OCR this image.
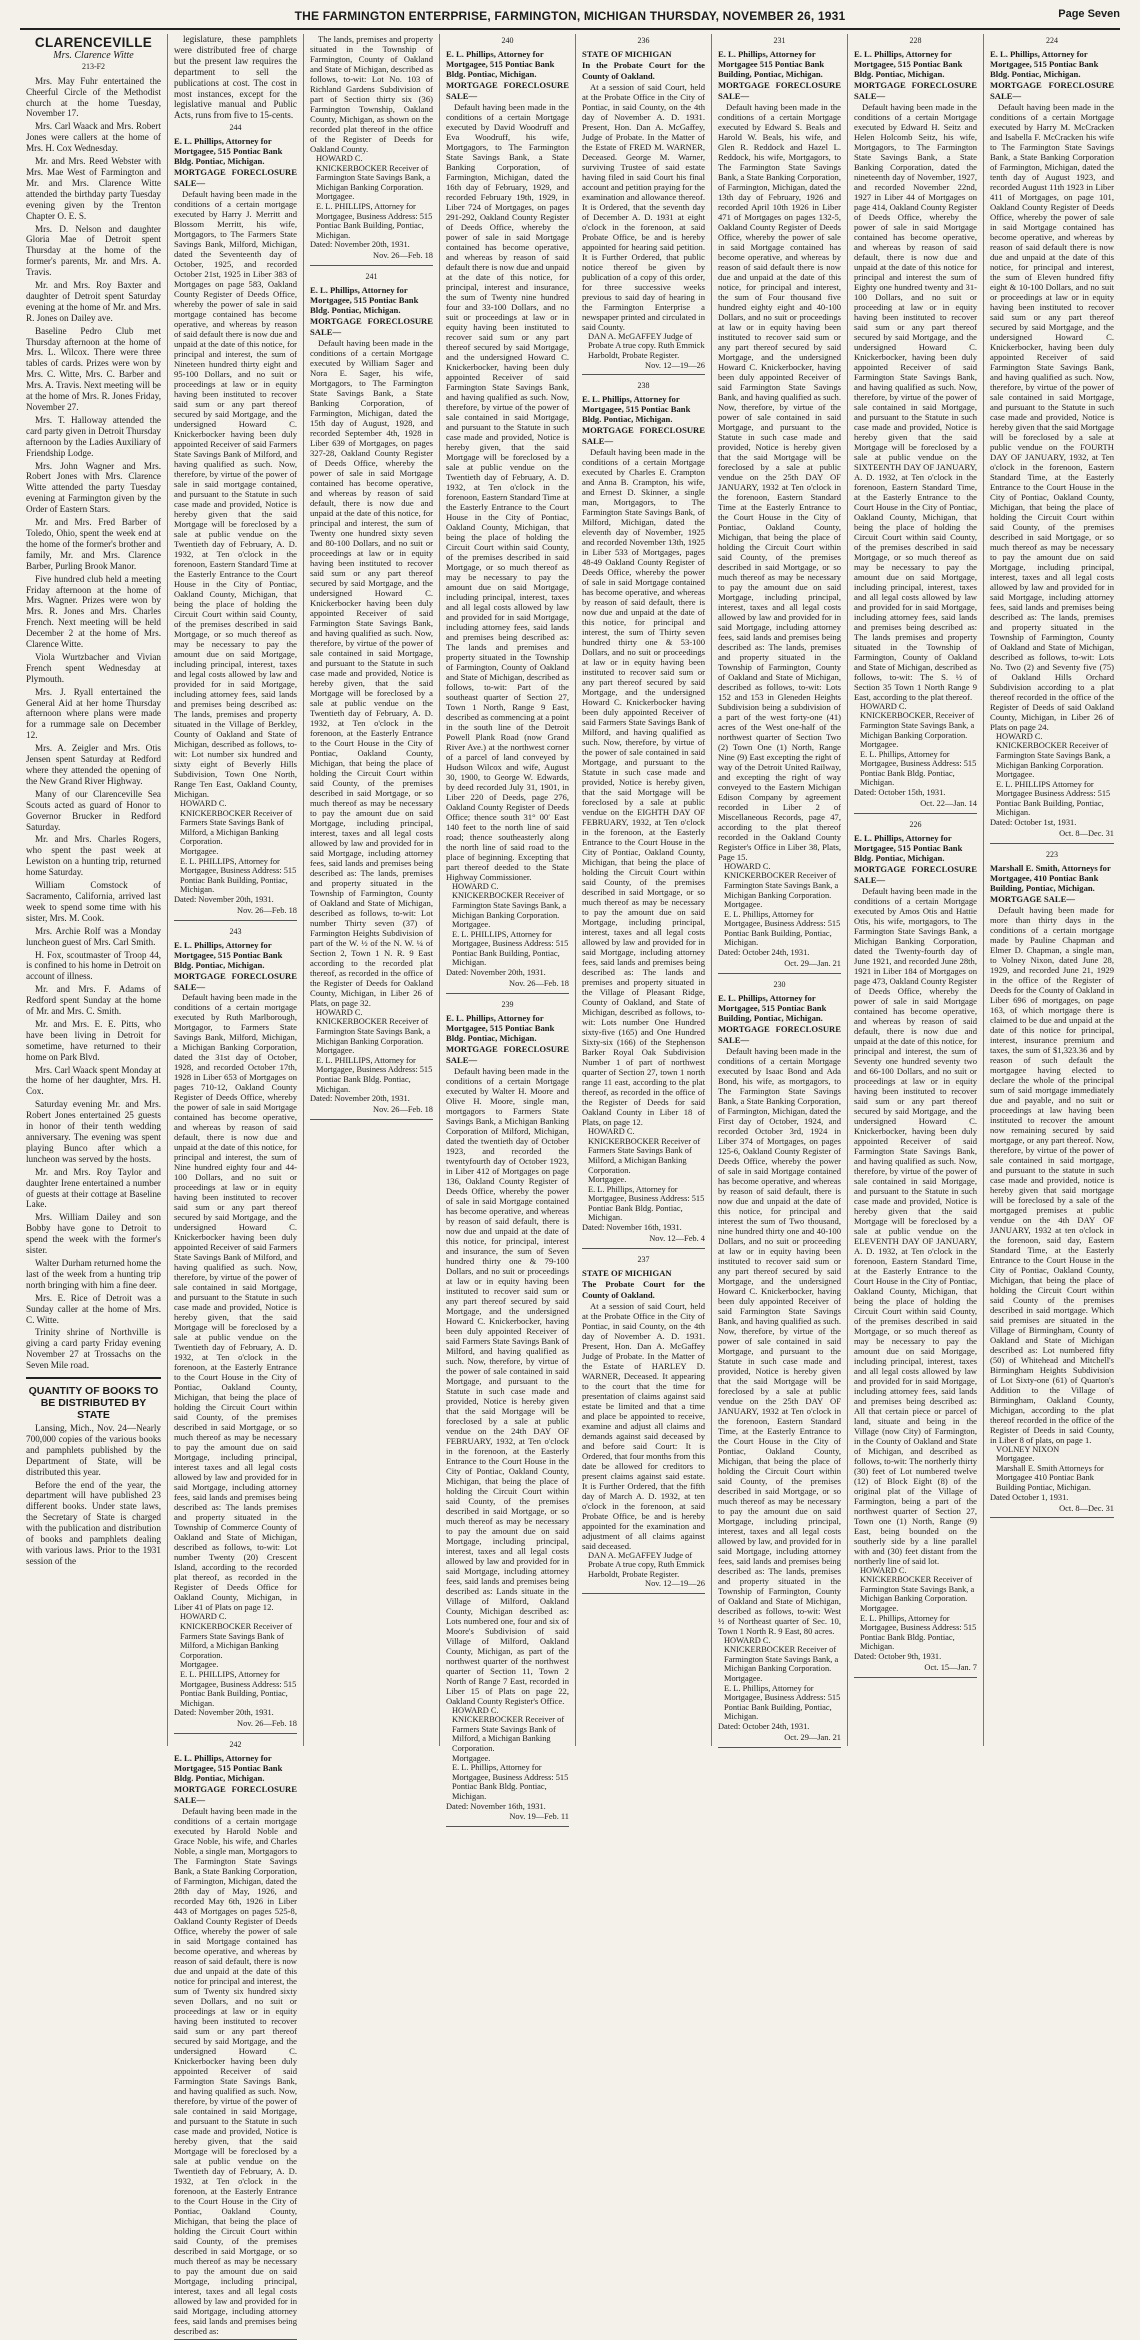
THE FARMINGTON ENTERPRISE, FARMINGTON, MICHIGAN THURSDAY, NOVEMBER 26, 1931	Page Seven
CLARENCEVILLE
Mrs. Clarence Witte
213-F2

Mrs. May Fuhr entertained the Cheerful Circle of the Methodist church at the home Tuesday, November 17.

Mrs. Carl Waack and Mrs. Robert Jones were callers at the home of Mrs. H. Cox Wednesday.

Mr. and Mrs. Reed Webster with Mrs. Mae West of Farmington and Mr. and Mrs. Clarence Witte attended the birthday party Tuesday evening given by the Trenton Chapter O. E. S.

Mrs. D. Nelson and daughter Gloria Mae of Detroit spent Thursday at the home of the former's parents, Mr. and Mrs. A. Travis.

Mr. and Mrs. Roy Baxter and daughter of Detroit spent Saturday evening at the home of Mr. and Mrs. R. Jones on Dailey ave.

Baseline Pedro Club met Thursday afternoon at the home of Mrs. L. Wilcox. There were three tables of cards. Prizes were won by Mrs. C. Witte, Mrs. C. Barber and Mrs. A. Travis. Next meeting will be at the home of Mrs. R. Jones Friday, November 27.

Mrs. T. Halloway attended the card party given in Detroit Thursday afternoon by the Ladies Auxiliary of Friendship Lodge.

Mrs. John Wagner and Mrs. Robert Jones with Mrs. Clarence Witte attended the party Tuesday evening at Farmington given by the Order of Eastern Stars.

Mr. and Mrs. Fred Barber of Toledo, Ohio, spent the week end at the home of the former's brother and family, Mr. and Mrs. Clarence Barber, Purling Brook Manor.

Five hundred club held a meeting Friday afternoon at the home of Mrs. Wagner. Prizes were won by Mrs. R. Jones and Mrs. Charles French. Next meeting will be held December 2 at the home of Mrs. Clarence Witte.

Viola Wurtzbacher and Vivian French spent Wednesday at Plymouth.

Mrs. J. Ryall entertained the General Aid at her home Thursday afternoon where plans were made for a rummage sale on December 12.

Mrs. A. Zeigler and Mrs. Otis Jensen spent Saturday at Redford where they attended the opening of the New Grand River Highway.

Many of our Clarenceville Sea Scouts acted as guard of Honor to Governor Brucker in Redford Saturday.

Mr. and Mrs. Charles Rogers, who spent the past week at Lewiston on a hunting trip, returned home Saturday.

William Comstock of Sacramento, California, arrived last week to spend some time with his sister, Mrs. M. Cook.

Mrs. Archie Rolf was a Monday luncheon guest of Mrs. Carl Smith.

H. Fox, scoutmaster of Troop 44, is confined to his home in Detroit on account of illness.

Mr. and Mrs. F. Adams of Redford spent Sunday at the home of Mr. and Mrs. C. Smith.

Mr. and Mrs. E. E. Pitts, who have been living in Detroit for sometime, have returned to their home on Park Blvd.

Mrs. Carl Waack spent Monday at the home of her daughter, Mrs. H. Cox.

Saturday evening Mr. and Mrs. Robert Jones entertained 25 guests in honor of their tenth wedding anniversary. The evening was spent playing Bunco after which a luncheon was served by the hosts.

Mr. and Mrs. Roy Taylor and daughter Irene entertained a number of guests at their cottage at Baseline Lake.

Mrs. William Dailey and son Bobby have gone to Detroit to spend the week with the former's sister.

Walter Durham returned home the last of the week from a hunting trip north bringing with him a fine deer.

Mrs. E. Rice of Detroit was a Sunday caller at the home of Mrs. C. Witte.

Trinity shrine of Northville is giving a card party Friday evening November 27 at Trossachs on the Seven Mile road.

QUANTITY OF BOOKS TO BE DISTRIBUTED BY STATE

Lansing, Mich., Nov. 24—Nearly 700,000 copies of the various books and pamphlets published by the Department of State, will be distributed this year.

Before the end of the year, the department will have published 23 different books. Under state laws, the Secretary of State is charged with the publication and distribution of books and pamphlets dealing with various laws. Prior to the 1931 session of the

legislature, these pamphlets were distributed free of charge but the present law requires the department to sell the publications at cost. The cost in most instances, except for the legislative manual and Public Acts, runs from five to 15-cents.

244
E. L. Phillips, Attorney for Mortgagee, 515 Pontiac Bank Bldg. Pontiac, Michigan.
MORTGAGE FORECLOSURE SALE—
Default having been made in the conditions of a certain mortgage executed by Harry J. Merritt and Blossom Merritt, his wife, Mortgagors, to The Farmers State Savings Bank, Milford, Michigan, dated the Seventeenth day of October, 1925, and recorded October 21st, 1925 in Liber 383 of Mortgages on page 583, Oakland County Register of Deeds Office, whereby the power of sale in said mortgage contained has become operative, and whereas by reason of said default there is now due and unpaid at the date of this notice, for principal and interest, the sum of Nineteen hundred thirty eight and 95-100 Dollars, and no suit or proceedings at law or in equity having been instituted to recover said sum or any part thereof secured by said Mortgage, and the undersigned Howard C. Knickerbocker having been duly appointed Receiver of said Farmers State Savings Bank of Milford, and having qualified as such. Now, therefore, by virtue of the power of sale in said mortgage contained, and pursuant to the Statute in such case made and provided, Notice is hereby given that the said Mortgage will be foreclosed by a sale at public vendue on the Twentieth day of February, A. D. 1932, at Ten o'clock in the forenoon, Eastern Standard Time at the Easterly Entrance to the Court House in the City of Pontiac, Oakland County, Michigan, that being the place of holding the Circuit Court within said County, of the premises described in said Mortgage, or so much thereof as may be necessary to pay the amount due on said Mortgage, including principal, interest, taxes and legal costs allowed by law and provided for in said Mortgage, including attorney fees, said lands and premises being described as: The lands, premises and property situated in the Village of Berkley, County of Oakland and State of Michigan, described as follows, to-wit: Lot number six hundred and sixty eight of Beverly Hills Subdivision, Town One North, Range Ten East, Oakland County, Michigan.
HOWARD C. KNICKERBOCKER Receiver of Farmers State Savings Bank of Milford, a Michigan Banking Corporation.
Mortgagee.
E. L. PHILLIPS, Attorney for Mortgagee, Business Address: 515 Pontiac Bank Building, Pontiac, Michigan.
Dated: November 20th, 1931.
Nov. 26—Feb. 18
243
E. L. Phillips, Attorney for Mortgagee, 515 Pontiac Bank Bldg. Pontiac, Michigan.
MORTGAGE FORECLOSURE SALE—
Default having been made in the conditions of a certain mortgage executed by Ruth Marlborough, Mortgagor, to Farmers State Savings Bank, Milford, Michigan, a Michigan Banking Corporation, dated the 31st day of October, 1928, and recorded October 17th, 1928 in Liber 653 of Mortgages on pages 710-12, Oakland County Register of Deeds Office, whereby the power of sale in said Mortgage contained has become operative, and whereas by reason of said default, there is now due and unpaid at the date of this notice, for principal and interest, the sum of Nine hundred eighty four and 44-100 Dollars, and no suit or proceedings at law or in equity having been instituted to recover said sum or any part thereof secured by said Mortgage, and the undersigned Howard C. Knickerbocker having been duly appointed Receiver of said Farmers State Savings Bank of Milford, and having qualified as such. Now, therefore, by virtue of the power of sale contained in said Mortgage, and pursuant to the Statute in such case made and provided, Notice is hereby given, that the said Mortgage will be foreclosed by a sale at public vendue on the Twentieth day of February, A. D. 1932, at Ten o'clock in the forenoon, at the Easterly Entrance to the Court House in the City of Pontiac, Oakland County, Michigan, that being the place of holding the Circuit Court within said County, of the premises described in said Mortgage, or so much thereof as may be necessary to pay the amount due on said Mortgage, including principal, interest taxes and all legal costs allowed by law and provided for in said Mortgage, including attorney fees, said lands and premises being described as: The lands premises and property situated in the Township of Commerce County of Oakland and State of Michigan, described as follows, to-wit: Lot number Twenty (20) Crescent Island, according to the recorded plat thereof, as recorded in the Register of Deeds Office for Oakland County, Michigan, in Liber 41 of Plats on page 12.
HOWARD C. KNICKERBOCKER Receiver of Farmers State Savings Bank of Milford, a Michigan Banking Corporation.
Mortgagee.
E. L. PHILLIPS, Attorney for Mortgagee, Business Address: 515 Pontiac Bank Building, Pontiac, Michigan.
Dated: November 20th, 1931.
Nov. 26—Feb. 18
242
E. L. Phillips, Attorney for Mortgagee, 515 Pontiac Bank Bldg. Pontiac, Michigan.
MORTGAGE FORECLOSURE SALE—
Default having been made in the conditions of a certain mortgage executed by Harold Noble and Grace Noble, his wife, and Charles Noble, a single man, Mortgagors to The Farmington State Savings Bank, a State Banking Corporation, of Farmington, Michigan, dated the 28th day of May, 1926, and recorded May 6th, 1926 in Liber 443 of Mortgages on pages 525-8, Oakland County Register of Deeds Office, whereby the power of sale in said Mortgage contained has become operative, and whereas by reason of said default, there is now due and unpaid at the date of this notice for principal and interest, the sum of Twenty six hundred sixty seven Dollars, and no suit or proceedings at law or in equity having been instituted to recover said sum or any part thereof secured by said Mortgage, and the undersigned Howard C. Knickerbocker having been duly appointed Receiver of said Farmington State Savings Bank, and having qualified as such. Now, therefore, by virtue of the power of sale contained in said Mortgage, and pursuant to the Statute in such case made and provided, Notice is hereby given, that the said Mortgage will be foreclosed by a sale at public vendue on the Twentieth day of February, A. D. 1932, at Ten o'clock in the forenoon, at the Easterly Entrance to the Court House in the City of Pontiac, Oakland County, Michigan, that being the place of holding the Circuit Court within said County, of the premises described in said Mortgage, or so much thereof as may be necessary to pay the amount due on said Mortgage, including principal, interest, taxes and all legal costs allowed by law and provided for in said Mortgage, including attorney fees, said lands and premises being described as:
The lands, premises and property situated in the Township of Farmington, County of Oakland and State of Michigan, described as follows, to-wit: Lot No. 103 of Richland Gardens Subdivision of part of Section thirty six (36) Farmington Township, Oakland County, Michigan, as shown on the recorded plat thereof in the office of the Register of Deeds for Oakland County.
HOWARD C. KNICKERBOCKER Receiver of Farmington State Savings Bank, a Michigan Banking Corporation.
Mortgagee.
E. L. PHILLIPS, Attorney for Mortgagee, Business Address: 515 Pontiac Bank Building, Pontiac, Michigan.
Dated: November 20th, 1931.
Nov. 26—Feb. 18
241
E. L. Phillips, Attorney for Mortgagee, 515 Pontiac Bank Bldg. Pontiac, Michigan.
MORTGAGE FORECLOSURE SALE—
Default having been made in the conditions of a certain Mortgage executed by William Sager and Nora E. Sager, his wife, Mortgagors, to The Farmington State Savings Bank, a State Banking Corporation, of Farmington, Michigan, dated the 15th day of August, 1928, and recorded September 4th, 1928 in Liber 639 of Mortgages, on pages 327-28, Oakland County Register of Deeds Office, whereby the power of sale in said Mortgage contained has become operative, and whereas by reason of said default, there is now due and unpaid at the date of this notice, for principal and interest, the sum of Twenty one hundred sixty seven and 80-100 Dollars, and no suit or proceedings at law or in equity having been instituted to recover said sum or any part thereof secured by said Mortgage, and the undersigned Howard C. Knickerbocker having been duly appointed Receiver of said Farmington State Savings Bank, and having qualified as such. Now, therefore, by virtue of the power of sale contained in said Mortgage, and pursuant to the Statute in such case made and provided, Notice is hereby given, that the said Mortgage will be foreclosed by a sale at public vendue on the Twentieth day of February, A. D. 1932, at Ten o'clock in the forenoon, at the Easterly Entrance to the Court House in the City of Pontiac, Oakland County, Michigan, that being the place of holding the Circuit Court within said County, of the premises described in said Mortgage, or so much thereof as may be necessary to pay the amount due on said Mortgage, including principal, interest, taxes and all legal costs allowed by law and provided for in said Mortgage, including attorney fees, said lands and premises being described as: The lands, premises and property situated in the Township of Farmington, County of Oakland and State of Michigan, described as follows, to-wit: Lot number Thirty seven (37) of Farmington Heights Subdivision of part of the W. ½ of the N. W. ¼ of Section 2, Town 1 N. R. 9 East according to the recorded plat thereof, as recorded in the office of the Register of Deeds for Oakland County, Michigan, in Liber 26 of Plats, on page 32.
HOWARD C. KNICKERBOCKER Receiver of Farmington State Savings Bank, a Michigan Banking Corporation.
Mortgagee.
E. L. PHILLIPS, Attorney for Mortgagee, Business Address: 515 Pontiac Bank Bldg. Pontiac, Michigan.
Dated: November 20th, 1931.
Nov. 26—Feb. 18
240
E. L. Phillips, Attorney for Mortgagee, 515 Pontiac Bank Bldg. Pontiac, Michigan.
MORTGAGE FORECLOSURE SALE—
Default having been made in the conditions of a certain Mortgage executed by David Woodruff and Eva Woodruff, his wife, Mortgagors, to The Farmington State Savings Bank, a State Banking Corporation, of Farmington, Michigan, dated the 16th day of February, 1929, and recorded February 19th, 1929, in Liber 724 of Mortgages, on pages 291-292, Oakland County Register of Deeds Office, whereby the power of sale in said Mortgage contained has become operative, and whereas by reason of said default there is now due and unpaid at the date of this notice, for principal, interest and insurance, the sum of Twenty nine hundred four and 33-100 Dollars, and no suit or proceedings at law or in equity having been instituted to recover said sum or any part thereof secured by said Mortgage, and the undersigned Howard C. Knickerbocker, having been duly appointed Receiver of said Farmington State Savings Bank, and having qualified as such. Now, therefore, by virtue of the power of sale contained in said Mortgage, and pursuant to the Statute in such case made and provided, Notice is hereby given, that the said Mortgage will be foreclosed by a sale at public vendue on the Twentieth day of February, A. D. 1932, at Ten o'clock in the forenoon, Eastern Standard Time at the Easterly Entrance to the Court House in the City of Pontiac, Oakland County, Michigan, that being the place of holding the Circuit Court within said County, of the premises described in said Mortgage, or so much thereof as may be necessary to pay the amount due on said Mortgage, including principal, interest, taxes and all legal costs allowed by law and provided for in said Mortgage, including attorney fees, said lands and premises being described as: The lands and premises and property situated in the Township of Farmington, County of Oakland and State of Michigan, described as follows, to-wit: Part of the southeast quarter of Section 27, Town 1 North, Range 9 East, described as commencing at a point in the south line of the Detroit Powell Plank Road (now Grand River Ave.) at the northwest corner of a parcel of land conveyed by Hudson Wilcox and wife, August 30, 1900, to George W. Edwards, by deed recorded July 31, 1901, in Liber 220 of Deeds, page 276, Oakland County Register of Deeds Office; thence south 31° 00′ East 140 feet to the north line of said road; thence southeasterly along the north line of said road to the place of beginning. Excepting that part thereof deeded to the State Highway Commissioner.
HOWARD C. KNICKERBOCKER Receiver of Farmington State Savings Bank, a Michigan Banking Corporation.
Mortgagee.
E. L. PHILLIPS, Attorney for Mortgagee, Business Address: 515 Pontiac Bank Building, Pontiac, Michigan.
Dated: November 20th, 1931.
Nov. 26—Feb. 18
239
E. L. Phillips, Attorney for Mortgagee, 515 Pontiac Bank Bldg. Pontiac, Michigan.
MORTGAGE FORECLOSURE SALE—
Default having been made in the conditions of a certain Mortgage executed by Walter H. Moore and Olive H. Moore, single man, mortgagors to Farmers State Savings Bank, a Michigan Banking Corporation of Milford, Michigan, dated the twentieth day of October 1923, and recorded the twentyfourth day of October 1923, in Liber 412 of Mortgages on page 136, Oakland County Register of Deeds Office, whereby the power of sale in said Mortgage contained has become operative, and whereas by reason of said default, there is now due and unpaid at the date of this notice, for principal, interest and insurance, the sum of Seven hundred thirty one & 79-100 Dollars, and no suit or proceedings at law or in equity having been instituted to recover said sum or any part thereof secured by said Mortgage, and the undersigned Howard C. Knickerbocker, having been duly appointed Receiver of said Farmers State Savings Bank of Milford, and having qualified as such. Now, therefore, by virtue of the power of sale contained in said Mortgage, and pursuant to the Statute in such case made and provided, Notice is hereby given that the said Mortgage will be foreclosed by a sale at public vendue on the 24th DAY OF FEBRUARY, 1932, at Ten o'clock in the forenoon, at the Easterly Entrance to the Court House in the City of Pontiac, Oakland County, Michigan, that being the place of holding the Circuit Court within said County, of the premises described in said Mortgage, or so much thereof as may be necessary to pay the amount due on said Mortgage, including principal, interest, taxes and all legal costs allowed by law and provided for in said Mortgage, including attorney fees, said lands and premises being described as: Lands situate in the Village of Milford, Oakland County, Michigan described as: Lots numbered one, four and six of Moore's Subdivision of said Village of Milford, Oakland County, Michigan, as part of the northwest quarter of the northwest quarter of Section 11, Town 2 North of Range 7 East, recorded in Liber 15 of Plats on page 22, Oakland County Register's Office.
HOWARD C. KNICKERBOCKER Receiver of Farmers State Savings Bank of Milford, a Michigan Banking Corporation.
Mortgagee.
E. L. Phillips, Attorney for Mortgagee, Business Address: 515 Pontiac Bank Bldg. Pontiac, Michigan.
Dated: November 16th, 1931.
Nov. 19—Feb. 11
236
STATE OF MICHIGAN
In the Probate Court for the County of Oakland.
At a session of said Court, held at the Probate Office in the City of Pontiac, in said County, on the 4th day of November A. D. 1931. Present, Hon. Dan A. McGaffey, Judge of Probate. In the Matter of the Estate of FRED M. WARNER, Deceased. George M. Warner, surviving Trustee of said estate having filed in said Court his final account and petition praying for the examination and allowance thereof. It is Ordered, that the seventh day of December A. D. 1931 at eight o'clock in the forenoon, at said Probate Office, be and is hereby appointed for hearing said petition. It is Further Ordered, that public notice thereof be given by publication of a copy of this order, for three successive weeks previous to said day of hearing in the Farmington Enterprise a newspaper printed and circulated in said County.
DAN A. McGAFFEY Judge of Probate A true copy. Ruth Emmick Harboldt, Probate Register.
Nov. 12—19—26
238
E. L. Phillips, Attorney for Mortgagee, 515 Pontiac Bank Bldg. Pontiac, Michigan.
MORTGAGE FORECLOSURE SALE—
Default having been made in the conditions of a certain Mortgage executed by Charles E. Crampton and Anna B. Crampton, his wife, and Ernest D. Skinner, a single man, Mortgagors, to The Farmington State Savings Bank, of Milford, Michigan, dated the eleventh day of November, 1925 and recorded November 13th, 1925 in Liber 533 of Mortgages, pages 48-49 Oakland County Register of Deeds Office, whereby the power of sale in said Mortgage contained has become operative, and whereas by reason of said default, there is now due and unpaid at the date of this notice, for principal and interest, the sum of Thirty seven hundred thirty one & 53-100 Dollars, and no suit or proceedings at law or in equity having been instituted to recover said sum or any part thereof secured by said Mortgage, and the undersigned Howard C. Knickerbocker having been duly appointed Receiver of said Farmers State Savings Bank of Milford, and having qualified as such. Now, therefore, by virtue of the power of sale contained in said Mortgage, and pursuant to the Statute in such case made and provided, Notice is hereby given, that the said Mortgage will be foreclosed by a sale at public vendue on the EIGHTH DAY OF FEBRUARY, 1932, at Ten o'clock in the forenoon, at the Easterly Entrance to the Court House in the City of Pontiac, Oakland County, Michigan, that being the place of holding the Circuit Court within said County, of the premises described in said Mortgage, or so much thereof as may be necessary to pay the amount due on said Mortgage, including principal, interest, taxes and all legal costs allowed by law and provided for in said Mortgage, including attorney fees, said lands and premises being described as: The lands and premises and property situated in the Village of Pleasant Ridge, County of Oakland, and State of Michigan, described as follows, to-wit: Lots number One Hundred sixty-five (165) and One Hundred Sixty-six (166) of the Stephenson Barker Royal Oak Subdivision Number 1 of part of northwest quarter of Section 27, town 1 north range 11 east, according to the plat thereof, as recorded in the office of the Register of Deeds for said Oakland County in Liber 18 of Plats, on page 12.
HOWARD C. KNICKERBOCKER Receiver of Farmers State Savings Bank of Milford, a Michigan Banking Corporation.
Mortgagee.
E. L. Phillips, Attorney for Mortgagee, Business Address: 515 Pontiac Bank Bldg. Pontiac, Michigan.
Dated: November 16th, 1931.
Nov. 12—Feb. 4
237
STATE OF MICHIGAN
The Probate Court for the County of Oakland.
At a session of said Court, held at the Probate Office in the City of Pontiac, in said County, on the 4th day of November A. D. 1931. Present, Hon. Dan A. McGaffey Judge of Probate. In the Matter of the Estate of HARLEY D. WARNER, Deceased. It appearing to the court that the time for presentation of claims against said estate be limited and that a time and place be appointed to receive, examine and adjust all claims and demands against said deceased by and before said Court: It is Ordered, that four months from this date be allowed for creditors to present claims against said estate. It is Further Ordered, that the fifth day of March A. D. 1932, at ten o'clock in the forenoon, at said Probate Office, be and is hereby appointed for the examination and adjustment of all claims against said deceased.
DAN A. McGAFFEY Judge of Probate A true copy, Ruth Emmick Harboldt, Probate Register.
Nov. 12—19—26
231
E. L. Phillips, Attorney for Mortgagee 515 Pontiac Bank Building, Pontiac, Michigan.
MORTGAGE FORECLOSURE SALE—
Default having been made in the conditions of a certain Mortgage executed by Edward S. Beals and Harold W. Beals, his wife, and Glen R. Reddock and Hazel L. Reddock, his wife, Mortgagors, to The Farmington State Savings Bank, a State Banking Corporation, of Farmington, Michigan, dated the 13th day of February, 1926 and recorded April 10th 1926 in Liber 471 of Mortgages on pages 132-5, Oakland County Register of Deeds Office, whereby the power of sale in said Mortgage contained has become operative, and whereas by reason of said default there is now due and unpaid at the date of this notice, for principal and interest, the sum of Four thousand five hundred eighty eight and 40-100 Dollars, and no suit or proceedings at law or in equity having been instituted to recover said sum or any part thereof secured by said Mortgage, and the undersigned Howard C. Knickerbocker, having been duly appointed Receiver of said Farmington State Savings Bank, and having qualified as such. Now, therefore, by virtue of the power of sale contained in said Mortgage, and pursuant to the Statute in such case made and provided, Notice is hereby given that the said Mortgage will be foreclosed by a sale at public vendue on the 25th DAY OF JANUARY, 1932 at Ten o'clock in the forenoon, Eastern Standard Time at the Easterly Entrance to the Court House in the City of Pontiac, Oakland County, Michigan, that being the place of holding the Circuit Court within said County, of the premises described in said Mortgage, or so much thereof as may be necessary to pay the amount due on said Mortgage, including principal, interest, taxes and all legal costs allowed by law and provided for in said Mortgage, including attorney fees, said lands and premises being described as: The lands, premises and property situated in the Township of Farmington, County of Oakland and State of Michigan, described as follows, to-wit: Lots 152 and 153 in Gleneden Heights Subdivision being a subdivision of a part of the west forty-one (41) acres of the West one-half of the northwest quarter of Section Two (2) Town One (1) North, Range Nine (9) East excepting the right of way of the Detroit United Railway, and excepting the right of way conveyed to the Eastern Michigan Edison Company by agreement recorded in Liber 2 of Miscellaneous Records, page 47, according to the plat thereof recorded in the Oakland County Register's Office in Liber 38, Plats, Page 15.
HOWARD C. KNICKERBOCKER Receiver of Farmington State Savings Bank, a Michigan Banking Corporation.
Mortgagee.
E. L. Phillips, Attorney for Mortgagee, Business Address: 515 Pontiac Bank Building, Pontiac, Michigan.
Dated: October 24th, 1931.
Oct. 29—Jan. 21
230
E. L. Phillips, Attorney for Mortgagee, 515 Pontiac Bank Building, Pontiac, Michigan.
MORTGAGE FORECLOSURE SALE—
Default having been made in the conditions of a certain Mortgage executed by Isaac Bond and Ada Bond, his wife, as mortgagors, to The Farmington State Savings Bank, a State Banking Corporation, of Farmington, Michigan, dated the First day of October, 1924, and recorded October 3rd, 1924 in Liber 374 of Mortgages, on pages 125-6, Oakland County Register of Deeds Office, whereby the power of sale in said Mortgage contained has become operative, and whereas by reason of said default, there is now due and unpaid at the date of this notice, for principal and interest the sum of Two thousand, nine hundred thirty one and 40-100 Dollars, and no suit or proceeding at law or in equity having been instituted to recover said sum or any part thereof secured by said Mortgage, and the undersigned Howard C. Knickerbocker, having been duly appointed Receiver of said Farmington State Savings Bank, and having qualified as such. Now, therefore, by virtue of the power of sale contained in said Mortgage, and pursuant to the Statute in such case made and provided, Notice is hereby given that the said Mortgage will be foreclosed by a sale at public vendue on the 25th DAY OF JANUARY, 1932 at Ten o'clock in the forenoon, Eastern Standard Time, at the Easterly Entrance to the Court House in the City of Pontiac, Oakland County, Michigan, that being the place of holding the Circuit Court within said County, of the premises described in said Mortgage, or so much thereof as may be necessary to pay the amount due on said Mortgage, including principal, interest, taxes and all legal costs allowed by law, and provided for in said Mortgage, including attorney fees, said lands and premises being described as: The lands, premises and property situated in the Township of Farmington, County of Oakland and State of Michigan, described as follows, to-wit: West ½ of Northeast quarter of Sec. 10, Town 1 North R. 9 East, 80 acres.
HOWARD C. KNICKERBOCKER Receiver of Farmington State Savings Bank, a Michigan Banking Corporation.
Mortgagee.
E. L. Phillips, Attorney for Mortgagee, Business Address: 515 Pontiac Bank Building, Pontiac, Michigan.
Dated: October 24th, 1931.
Oct. 29—Jan. 21
228
E. L. Phillips, Attorney for Mortgagee, 515 Pontiac Bank Bldg. Pontiac, Michigan.
MORTGAGE FORECLOSURE SALE—
Default having been made in the conditions of a certain Mortgage executed by Edward H. Seitz and Helen Holcomb Seitz, his wife, Mortgagors, to The Farmington State Savings Bank, a State Banking Corporation, dated the nineteenth day of November, 1927, and recorded November 22nd, 1927 in Liber 44 of Mortgages on page 414, Oakland County Register of Deeds Office, whereby the power of sale in said Mortgage contained has become operative, and whereas by reason of said default, there is now due and unpaid at the date of this notice for principal and interest the sum of Eighty one hundred twenty and 31-100 Dollars, and no suit or proceeding at law or in equity having been instituted to recover said sum or any part thereof secured by said Mortgage, and the undersigned Howard C. Knickerbocker, having been duly appointed Receiver of said Farmington State Savings Bank, and having qualified as such. Now, therefore, by virtue of the power of sale contained in said Mortgage, and pursuant to the Statute in such case made and provided, Notice is hereby given that the said Mortgage will be foreclosed by a sale at public vendue on the SIXTEENTH DAY OF JANUARY, A. D. 1932, at Ten o'clock in the forenoon, Eastern Standard Time, at the Easterly Entrance to the Court House in the City of Pontiac, Oakland County, Michigan, that being the place of holding the Circuit Court within said County, of the premises described in said Mortgage, or so much thereof as may be necessary to pay the amount due on said Mortgage, including principal, interest, taxes and all legal costs allowed by law and provided for in said Mortgage, including attorney fees, said lands and premises being described as: The lands premises and property situated in the Township of Farmington, County of Oakland and State of Michigan, described as follows, to-wit: The S. ½ of Section 35 Town 1 North Range 9 East, according to the plat thereof.
HOWARD C. KNICKERBOCKER, Receiver of Farmington State Savings Bank, a Michigan Banking Corporation.
Mortgagee.
E. L. Phillips, Attorney for Mortgagee, Business Address: 515 Pontiac Bank Bldg. Pontiac, Michigan.
Dated: October 15th, 1931.
Oct. 22—Jan. 14
226
E. L. Phillips, Attorney for Mortgagee, 515 Pontiac Bank Bldg. Pontiac, Michigan.
MORTGAGE FORECLOSURE SALE—
Default having been made in the conditions of a certain Mortgage executed by Amos Otis and Hattie Otis, his wife, mortgagors, to The Farmington State Savings Bank, a Michigan Banking Corporation, dated the Twenty-fourth day of June 1921, and recorded June 28th, 1921 in Liber 184 of Mortgages on page 473, Oakland County Register of Deeds Office, whereby the power of sale in said Mortgage contained has become operative, and whereas by reason of said default, there is now due and unpaid at the date of this notice, for principal and interest, the sum of Seventy one hundred seventy two and 66-100 Dollars, and no suit or proceedings at law or in equity having been instituted to recover said sum or any part thereof secured by said Mortgage, and the undersigned Howard C. Knickerbocker, having been duly appointed Receiver of said Farmington State Savings Bank, and having qualified as such. Now, therefore, by virtue of the power of sale contained in said Mortgage, and pursuant to the Statute in such case made and provided, Notice is hereby given that the said Mortgage will be foreclosed by a sale at public vendue on the ELEVENTH DAY OF JANUARY, A. D. 1932, at Ten o'clock in the forenoon, Eastern Standard Time, at the Easterly Entrance to the Court House in the City of Pontiac, Oakland County, Michigan, that being the place of holding the Circuit Court within said County, of the premises described in said Mortgage, or so much thereof as may be necessary to pay the amount due on said Mortgage, including principal, interest, taxes and all legal costs allowed by law and provided for in said Mortgage, including attorney fees, said lands and premises being described as: All that certain piece or parcel of land, situate and being in the Village (now City) of Farmington, in the County of Oakland and State of Michigan, and described as follows, to-wit: The northerly thirty (30) feet of Lot numbered twelve (12) of Block Eight (8) of the original plat of the Village of Farmington, being a part of the northwest quarter of Section 27, Town one (1) North, Range (9) East, being bounded on the southerly side by a line parallel with and (30) feet distant from the northerly line of said lot.
HOWARD C. KNICKERBOCKER Receiver of Farmington State Savings Bank, a Michigan Banking Corporation.
Mortgagee.
E. L. Phillips, Attorney for Mortgagee, Business Address: 515 Pontiac Bank Bldg. Pontiac, Michigan.
Dated: October 9th, 1931.
Oct. 15—Jan. 7
224
E. L. Phillips, Attorney for Mortgagee, 515 Pontiac Bank Bldg. Pontiac, Michigan.
MORTGAGE FORECLOSURE SALE—
Default having been made in the conditions of a certain Mortgage executed by Harry M. McCracken and Isabella F. McCracken his wife to The Farmington State Savings Bank, a State Banking Corporation of Farmington, Michigan, dated the tenth day of August 1923, and recorded August 11th 1923 in Liber 411 of Mortgages, on page 101, Oakland County Register of Deeds Office, whereby the power of sale in said Mortgage contained has become operative, and whereas by reason of said default there is now due and unpaid at the date of this notice, for principal and interest, the sum of Eleven hundred fifty eight & 10-100 Dollars, and no suit or proceedings at law or in equity having been instituted to recover said sum or any part thereof secured by said Mortgage, and the undersigned Howard C. Knickerbocker, having been duly appointed Receiver of said Farmington State Savings Bank, and having qualified as such. Now, therefore, by virtue of the power of sale contained in said Mortgage, and pursuant to the Statute in such case made and provided, Notice is hereby given that the said Mortgage will be foreclosed by a sale at public vendue on the FOURTH DAY OF JANUARY, 1932, at Ten o'clock in the forenoon, Eastern Standard Time, at the Easterly Entrance to the Court House in the City of Pontiac, Oakland County, Michigan, that being the place of holding the Circuit Court within said County, of the premises described in said Mortgage, or so much thereof as may be necessary to pay the amount due on said Mortgage, including principal, interest, taxes and all legal costs allowed by law and provided for in said Mortgage, including attorney fees, said lands and premises being described as: The lands, premises and property situated in the Township of Farmington, County of Oakland and State of Michigan, described as follows, to-wit: Lots No. Two (2) and Seventy five (75) of Oakland Hills Orchard Subdivision according to a plat thereof recorded in the office of the Register of Deeds of said Oakland County, Michigan, in Liber 26 of Plats on page 24.
HOWARD C. KNICKERBOCKER Receiver of Farmington State Savings Bank, a Michigan Banking Corporation.
Mortgagee.
E. L. PHILLIPS Attorney for Mortgagee Business Address: 515 Pontiac Bank Building, Pontiac, Michigan.
Dated: October 1st, 1931.
Oct. 8—Dec. 31
223
Marshall E. Smith, Attorneys for Mortgagee, 410 Pontiac Bank Building, Pontiac, Michigan.
MORTGAGE SALE—
Default having been made for more than thirty days in the conditions of a certain mortgage made by Pauline Chapman and Elmer D. Chapman, a single man, to Volney Nixon, dated June 28, 1929, and recorded June 21, 1929 in the office of the Register of Deeds for the County of Oakland in Liber 696 of mortgages, on page 163, of which mortgage there is claimed to be due and unpaid at the date of this notice for principal, interest, insurance premium and taxes, the sum of $1,323.36 and by reason of such default the mortgagee having elected to declare the whole of the principal sum of said mortgage immediately due and payable, and no suit or proceedings at law having been instituted to recover the amount now remaining secured by said mortgage, or any part thereof. Now, therefore, by virtue of the power of sale contained in said mortgage, and pursuant to the statute in such case made and provided, notice is hereby given that said mortgage will be foreclosed by a sale of the mortgaged premises at public vendue on the 4th DAY OF JANUARY, 1932 at ten o'clock in the forenoon, said day, Eastern Standard Time, at the Easterly Entrance to the Court House in the City of Pontiac, Oakland County, Michigan, that being the place of holding the Circuit Court within said County of the premises described in said mortgage. Which said premises are situated in the Village of Birmingham, County of Oakland and State of Michigan described as: Lot numbered fifty (50) of Whitehead and Mitchell's Birmingham Heights Subdivision of Lot Sixty-one (61) of Quarton's Addition to the Village of Birmingham, Oakland County, Michigan, according to the plat thereof recorded in the office of the Register of Deeds in said County, in Liber 8 of plats, on page 1.
VOLNEY NIXON
Mortgagee.
Marshall E. Smith Attorneys for Mortgagee 410 Pontiac Bank Building Pontiac, Michigan.
Dated October 1, 1931.
Oct. 8—Dec. 31
